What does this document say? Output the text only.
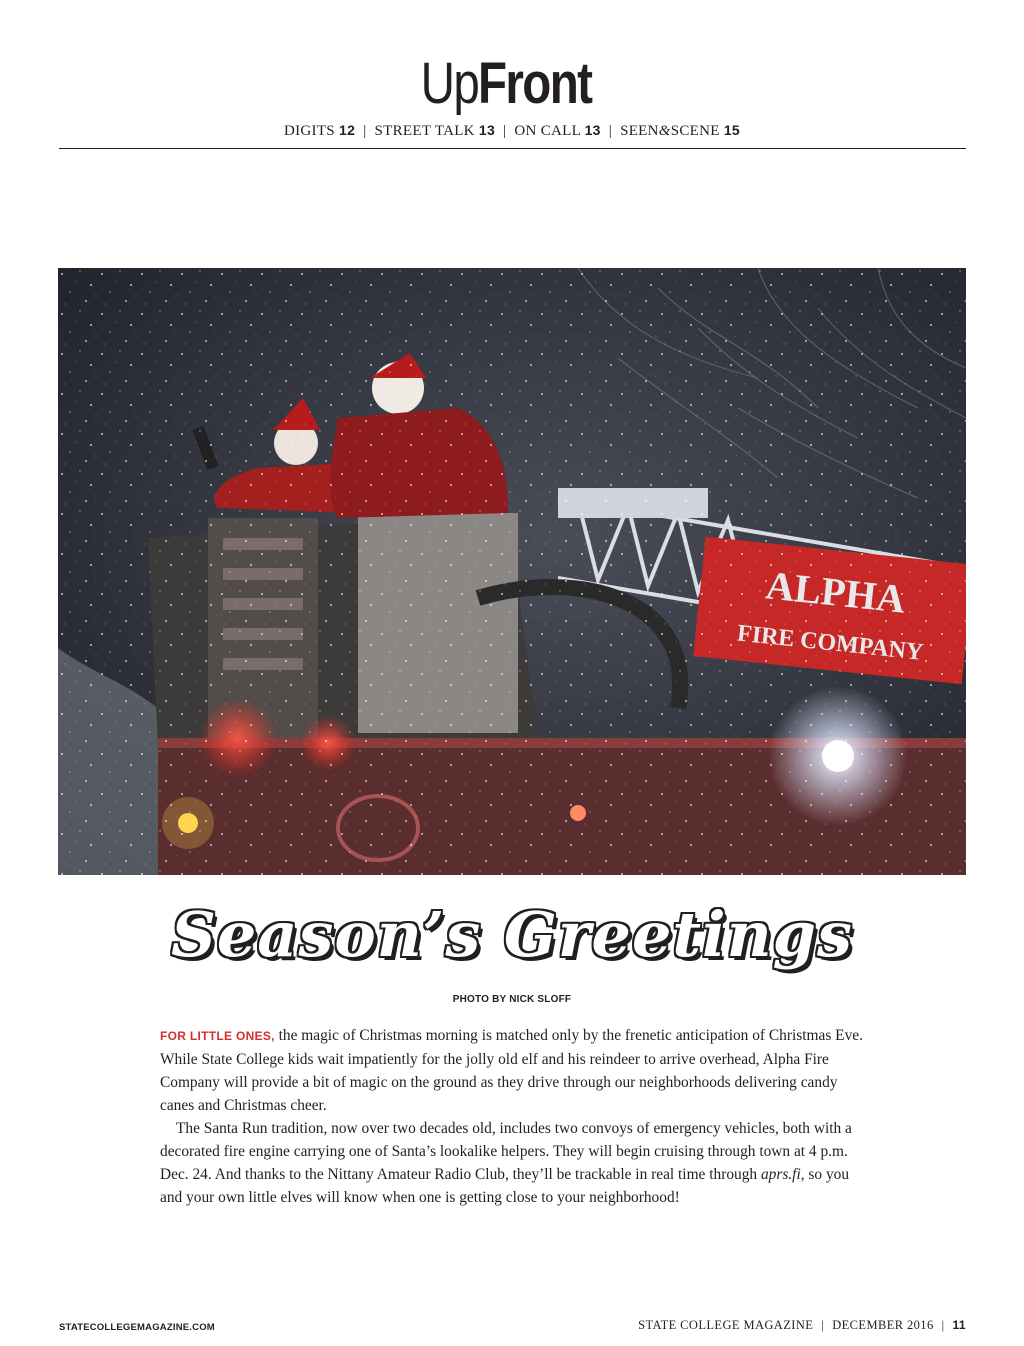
UpFront
DIGITS 12 | STREET TALK 13 | ON CALL 13 | SEEN&SCENE 15
Season’s Greetings
PHOTO BY NICK SLOFF

FOR LITTLE ONES, the magic of Christmas morning is matched only by the frenetic anticipation of Christmas Eve. While State College kids wait impatiently for the jolly old elf and his reindeer to arrive overhead, Alpha Fire Company will provide a bit of magic on the ground as they drive through our neighborhoods delivering candy canes and Christmas cheer.

The Santa Run tradition, now over two decades old, includes two convoys of emergency vehicles, both with a decorated fire engine carrying one of Santa’s lookalike helpers. They will begin cruising through town at 4 p.m. Dec. 24. And thanks to the Nittany Amateur Radio Club, they’ll be trackable in real time through aprs.fi, so you and your own little elves will know when one is getting close to your neighborhood!

STATECOLLEGEMAGAZINE.COM	STATE COLLEGE MAGAZINE | DECEMBER 2016 | 11
